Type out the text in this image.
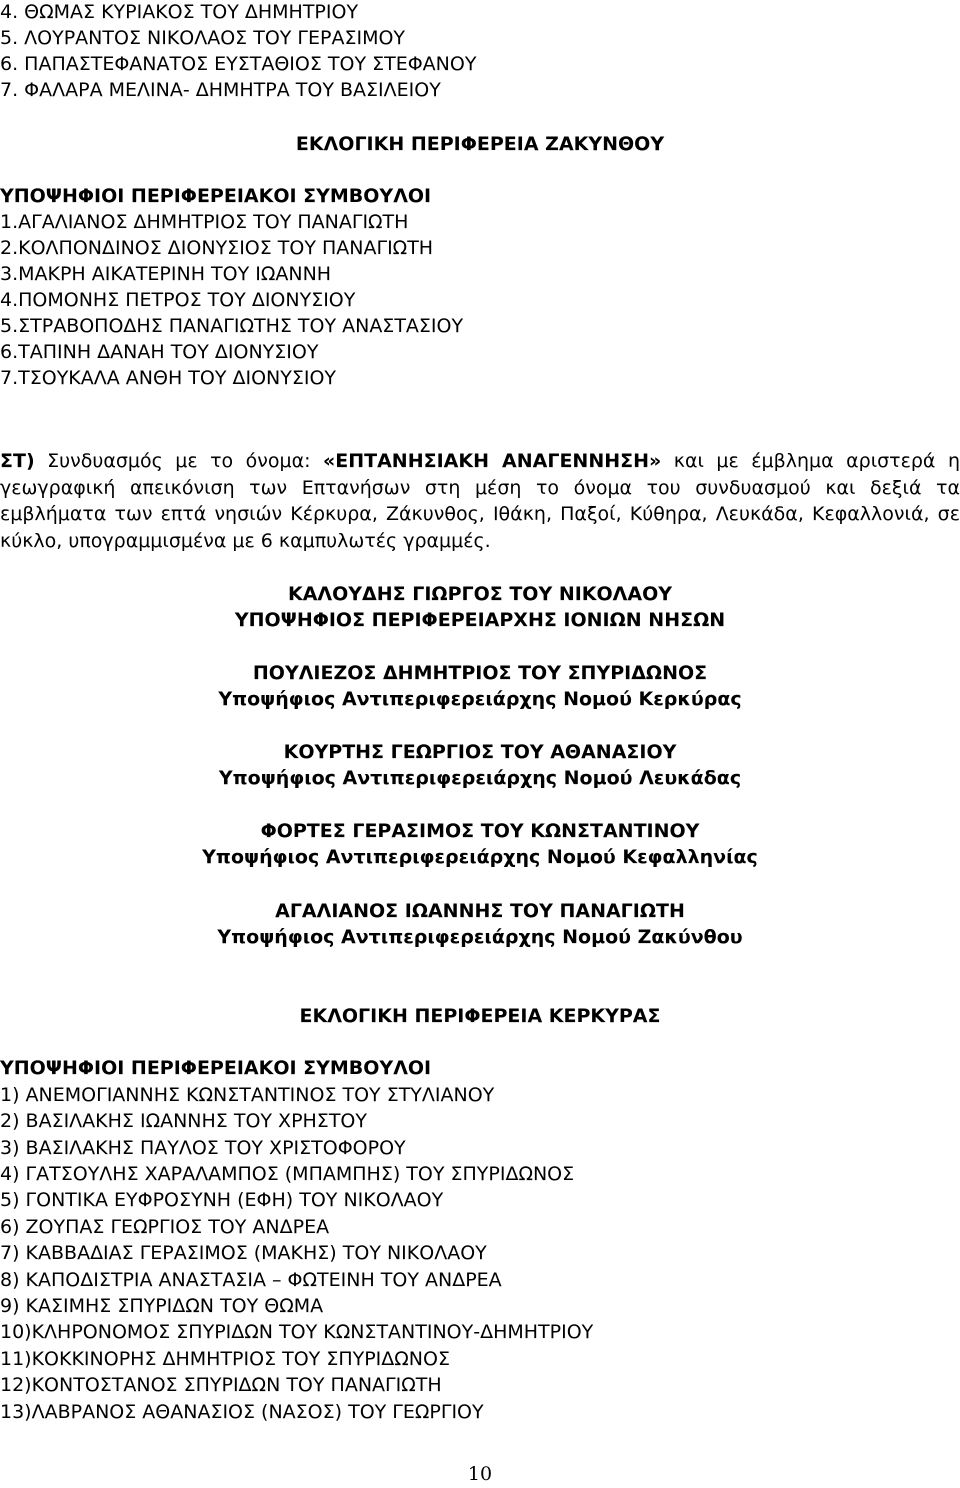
4. ΘΩΜΑΣ ΚΥΡΙΑΚΟΣ ΤΟΥ ΔΗΜΗΤΡΙΟΥ
5. ΛΟΥΡΑΝΤΟΣ ΝΙΚΟΛΑΟΣ ΤΟΥ ΓΕΡΑΣΙΜΟΥ
6. ΠΑΠΑΣΤΕΦΑΝΑΤΟΣ ΕΥΣΤΑΘΙΟΣ ΤΟΥ ΣΤΕΦΑΝΟΥ
7. ΦΑΛΑΡΑ ΜΕΛΙΝΑ- ΔΗΜΗΤΡΑ ΤΟΥ ΒΑΣΙΛΕΙΟΥ
ΕΚΛΟΓΙΚΗ ΠΕΡΙΦΕΡΕΙΑ ΖΑΚΥΝΘΟΥ
ΥΠΟΨΗΦΙΟΙ ΠΕΡΙΦΕΡΕΙΑΚΟΙ ΣΥΜΒΟΥΛΟΙ
1.ΑΓΑΛΙΑΝΟΣ ΔΗΜΗΤΡΙΟΣ ΤΟΥ ΠΑΝΑΓΙΩΤΗ
2.ΚΟΛΠΟΝΔΙΝΟΣ ΔΙΟΝΥΣΙΟΣ ΤΟΥ ΠΑΝΑΓΙΩΤΗ
3.ΜΑΚΡΗ ΑΙΚΑΤΕΡΙΝΗ ΤΟΥ ΙΩΑΝΝΗ
4.ΠΟΜΟΝΗΣ ΠΕΤΡΟΣ ΤΟΥ ΔΙΟΝΥΣΙΟΥ
5.ΣΤΡΑΒΟΠΟΔΗΣ ΠΑΝΑΓΙΩΤΗΣ ΤΟΥ ΑΝΑΣΤΑΣΙΟΥ
6.ΤΑΠΙΝΗ ΔΑΝΑΗ ΤΟΥ ΔΙΟΝΥΣΙΟΥ
7.ΤΣΟΥΚΑΛΑ ΑΝΘΗ ΤΟΥ ΔΙΟΝΥΣΙΟΥ
ΣΤ) Συνδυασμός με το όνομα: «ΕΠΤΑΝΗΣΙΑΚΗ ΑΝΑΓΕΝΝΗΣΗ» και με έμβλημα αριστερά η γεωγραφική απεικόνιση των Επτανήσων στη μέση το όνομα του συνδυασμού και δεξιά τα εμβλήματα των επτά νησιών Κέρκυρα, Ζάκυνθος, Ιθάκη, Παξοί, Κύθηρα, Λευκάδα, Κεφαλλονιά, σε κύκλο, υπογραμμισμένα με 6 καμπυλωτές γραμμές.
ΚΑΛΟΥΔΗΣ ΓΙΩΡΓΟΣ ΤΟΥ ΝΙΚΟΛΑΟΥ
ΥΠΟΨΗΦΙΟΣ ΠΕΡΙΦΕΡΕΙΑΡΧΗΣ ΙΟΝΙΩΝ ΝΗΣΩΝ
ΠΟΥΛΙΕΖΟΣ ΔΗΜΗΤΡΙΟΣ ΤΟΥ ΣΠΥΡΙΔΩΝΟΣ
Υποψήφιος Αντιπεριφερειάρχης Νομού Κερκύρας
ΚΟΥΡΤΗΣ ΓΕΩΡΓΙΟΣ ΤΟΥ ΑΘΑΝΑΣΙΟΥ
Υποψήφιος Αντιπεριφερειάρχης Νομού Λευκάδας
ΦΟΡΤΕΣ ΓΕΡΑΣΙΜΟΣ ΤΟΥ ΚΩΝΣΤΑΝΤΙΝΟΥ
Υποψήφιος Αντιπεριφερειάρχης Νομού Κεφαλληνίας
ΑΓΑΛΙΑΝΟΣ ΙΩΑΝΝΗΣ ΤΟΥ ΠΑΝΑΓΙΩΤΗ
Υποψήφιος Αντιπεριφερειάρχης Νομού Ζακύνθου
ΕΚΛΟΓΙΚΗ ΠΕΡΙΦΕΡΕΙΑ ΚΕΡΚΥΡΑΣ
ΥΠΟΨΗΦΙΟΙ ΠΕΡΙΦΕΡΕΙΑΚΟΙ ΣΥΜΒΟΥΛΟΙ
1) ΑΝΕΜΟΓΙΑΝΝΗΣ ΚΩΝΣΤΑΝΤΙΝΟΣ ΤΟΥ ΣΤΥΛΙΑΝΟΥ
2) ΒΑΣΙΛΑΚΗΣ ΙΩΑΝΝΗΣ ΤΟΥ ΧΡΗΣΤΟΥ
3) ΒΑΣΙΛΑΚΗΣ ΠΑΥΛΟΣ ΤΟΥ ΧΡΙΣΤΟΦΟΡΟΥ
4) ΓΑΤΣΟΥΛΗΣ ΧΑΡΑΛΑΜΠΟΣ (ΜΠΑΜΠΗΣ) ΤΟΥ ΣΠΥΡΙΔΩΝΟΣ
5) ΓΟΝΤΙΚΑ ΕΥΦΡΟΣΥΝΗ (ΕΦΗ) ΤΟΥ ΝΙΚΟΛΑΟΥ
6) ΖΟΥΠΑΣ ΓΕΩΡΓΙΟΣ ΤΟΥ ΑΝΔΡΕΑ
7) ΚΑΒΒΑΔΙΑΣ ΓΕΡΑΣΙΜΟΣ (ΜΑΚΗΣ) ΤΟΥ ΝΙΚΟΛΑΟΥ
8) ΚΑΠΟΔΙΣΤΡΙΑ ΑΝΑΣΤΑΣΙΑ – ΦΩΤΕΙΝΗ ΤΟΥ ΑΝΔΡΕΑ
9) ΚΑΣΙΜΗΣ ΣΠΥΡΙΔΩΝ ΤΟΥ ΘΩΜΑ
10)ΚΛΗΡΟΝΟΜΟΣ ΣΠΥΡΙΔΩΝ ΤΟΥ ΚΩΝΣΤΑΝΤΙΝΟΥ-ΔΗΜΗΤΡΙΟΥ
11)ΚΟΚΚΙΝΟΡΗΣ ΔΗΜΗΤΡΙΟΣ ΤΟΥ ΣΠΥΡΙΔΩΝΟΣ
12)ΚΟΝΤΟΣΤΑΝΟΣ ΣΠΥΡΙΔΩΝ ΤΟΥ ΠΑΝΑΓΙΩΤΗ
13)ΛΑΒΡΑΝΟΣ ΑΘΑΝΑΣΙΟΣ (ΝΑΣΟΣ) ΤΟΥ ΓΕΩΡΓΙΟΥ
10
